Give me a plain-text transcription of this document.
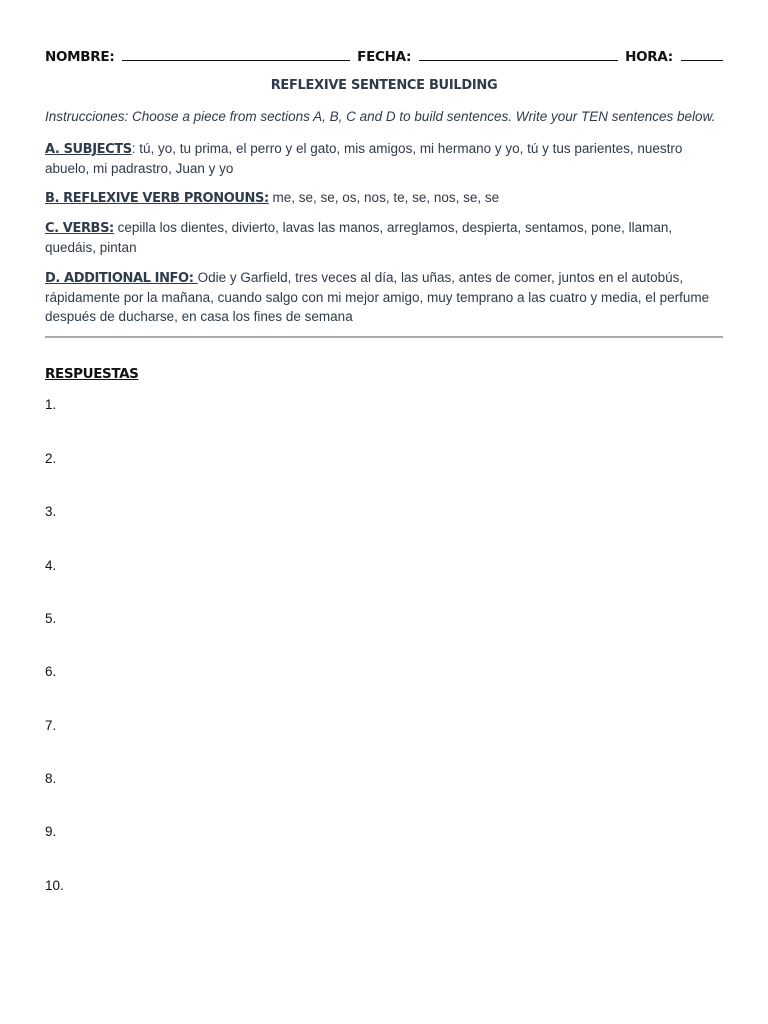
NOMBRE:	FECHA:	HORA:
REFLEXIVE SENTENCE BUILDING
Instrucciones: Choose a piece from sections A, B, C and D to build sentences. Write your TEN sentences below.
A. SUBJECTS: tú, yo, tu prima, el perro y el gato, mis amigos, mi hermano y yo, tú y tus parientes, nuestro abuelo, mi padrastro, Juan y yo
B. REFLEXIVE VERB PRONOUNS: me, se, se, os, nos, te, se, nos, se, se
C. VERBS: cepilla los dientes, divierto, lavas las manos, arreglamos, despierta, sentamos, pone, llaman, quedáis, pintan
D. ADDITIONAL INFO: Odie y Garfield, tres veces al día, las uñas, antes de comer, juntos en el autobús, rápidamente por la mañana, cuando salgo con mi mejor amigo, muy temprano a las cuatro y media, el perfume después de ducharse, en casa los fines de semana
RESPUESTAS
1.
2.
3.
4.
5.
6.
7.
8.
9.
10.
